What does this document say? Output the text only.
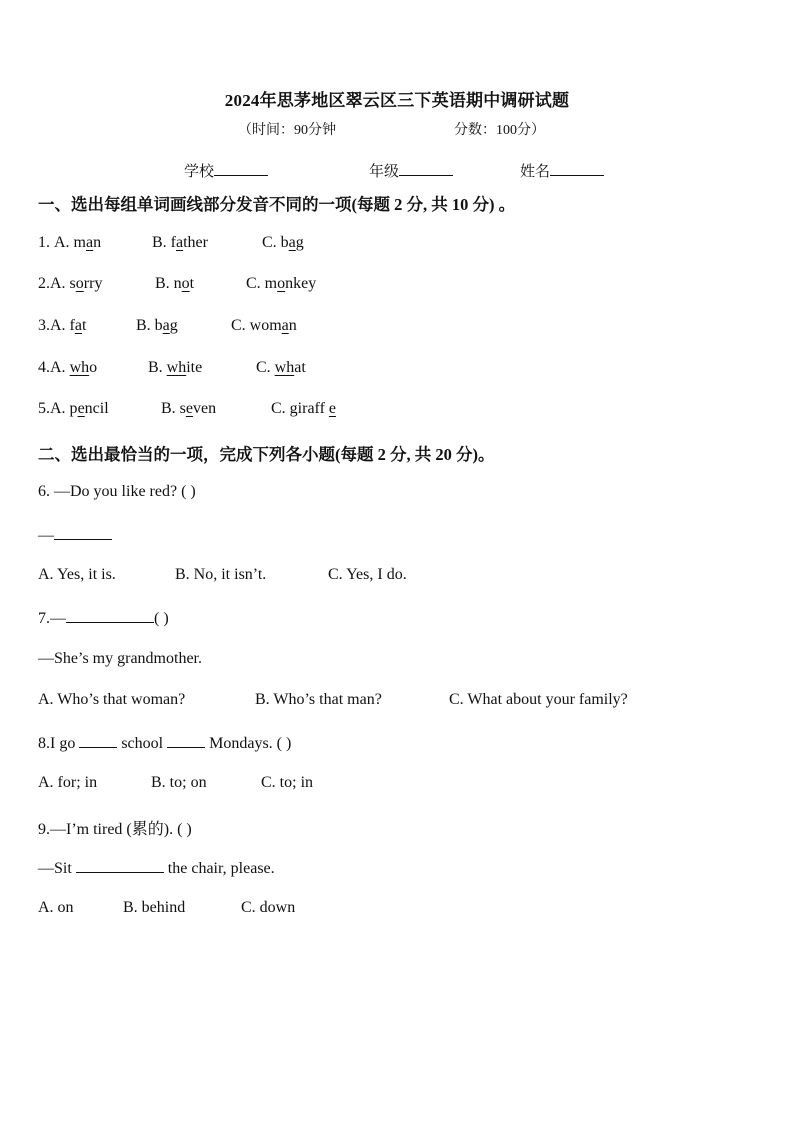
2024年思茅地区翠云区三下英语期中调研试题
（时间：90分钟	分数：100分）
学校	年级	姓名
一、选出每组单词画线部分发音不同的一项(每题 2 分, 共 10 分) 。
1. A. man	B. father	C. bag
2.A. sorry	B. not	C. monkey
3.A. fat	B. bag	C. woman
4.A. who	B. white	C. what
5.A. pencil	B. seven	C. giraff e
二、选出最恰当的一项，完成下列各小题(每题 2 分, 共 20 分)。
6. —Do you like red? ( )
—
A. Yes, it is.	B. No, it isn’t.	C. Yes, I do.
7.—	( )
—She’s my grandmother.
A. Who’s that woman?	B. Who’s that man?	C. What about your family?
8.I go  school  Mondays. ( )
A. for; in	B. to; on	C. to; in
9.—I’m tired (累的). ( )
—Sit	the chair, please.
A. on	B. behind	C. down
